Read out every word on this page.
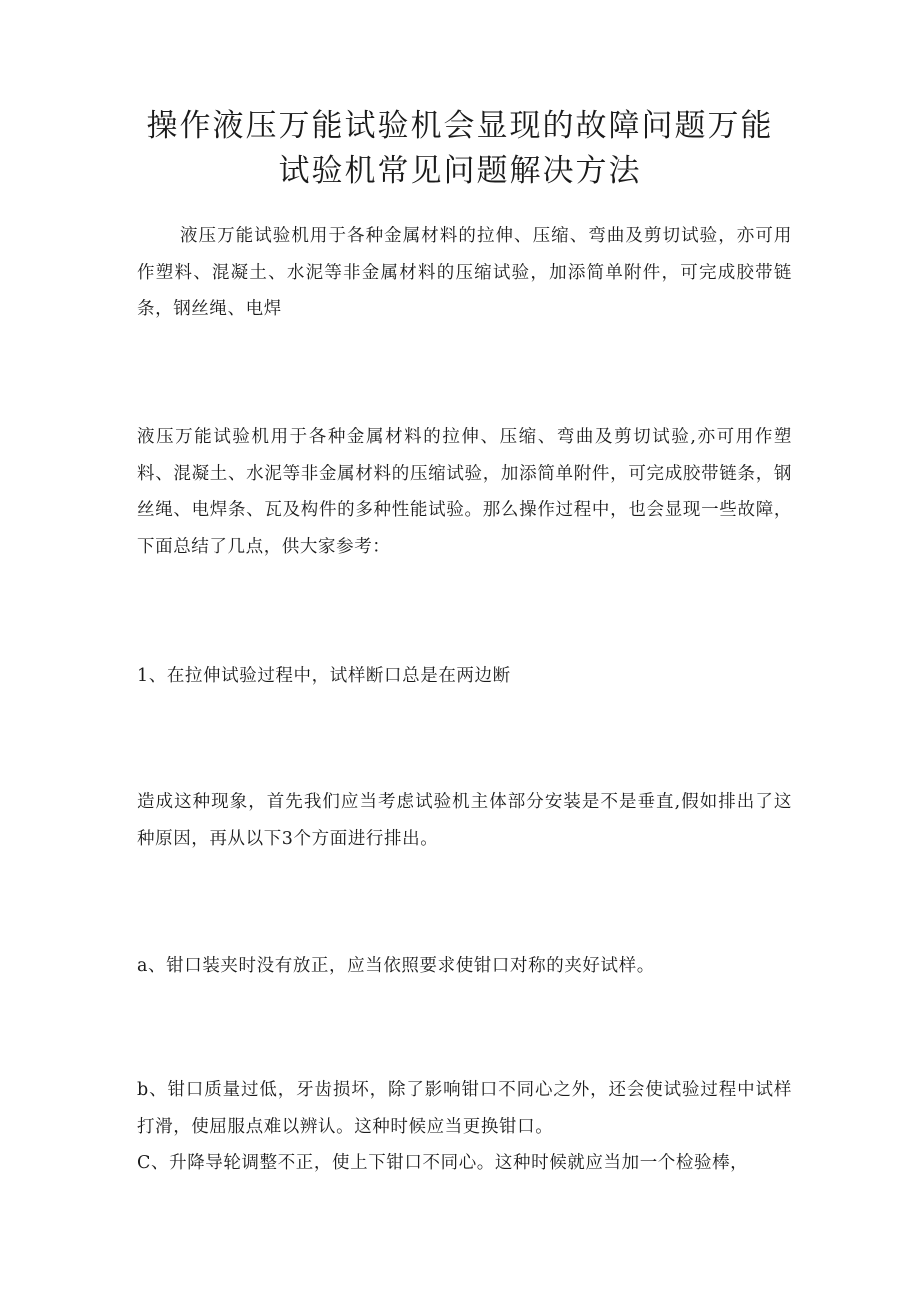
操作液压万能试验机会显现的故障问题万能
试验机常见问题解决方法

液压万能试验机用于各种金属材料的拉伸、压缩、弯曲及剪切试验，亦可用作塑料、混凝土、水泥等非金属材料的压缩试验，加添简单附件，可完成胶带链条，钢丝绳、电焊

液压万能试验机用于各种金属材料的拉伸、压缩、弯曲及剪切试验,亦可用作塑料、混凝土、水泥等非金属材料的压缩试验，加添简单附件，可完成胶带链条，钢丝绳、电焊条、瓦及构件的多种性能试验。那么操作过程中，也会显现一些故障，下面总结了几点，供大家参考：

1、在拉伸试验过程中，试样断口总是在两边断

造成这种现象，首先我们应当考虑试验机主体部分安装是不是垂直,假如排出了这种原因，再从以下3个方面进行排出。

a、钳口装夹时没有放正，应当依照要求使钳口对称的夹好试样。

b、钳口质量过低，牙齿损坏，除了影响钳口不同心之外，还会使试验过程中试样打滑，使屈服点难以辨认。这种时候应当更换钳口。

C、升降导轮调整不正，使上下钳口不同心。这种时候就应当加一个检验棒，
